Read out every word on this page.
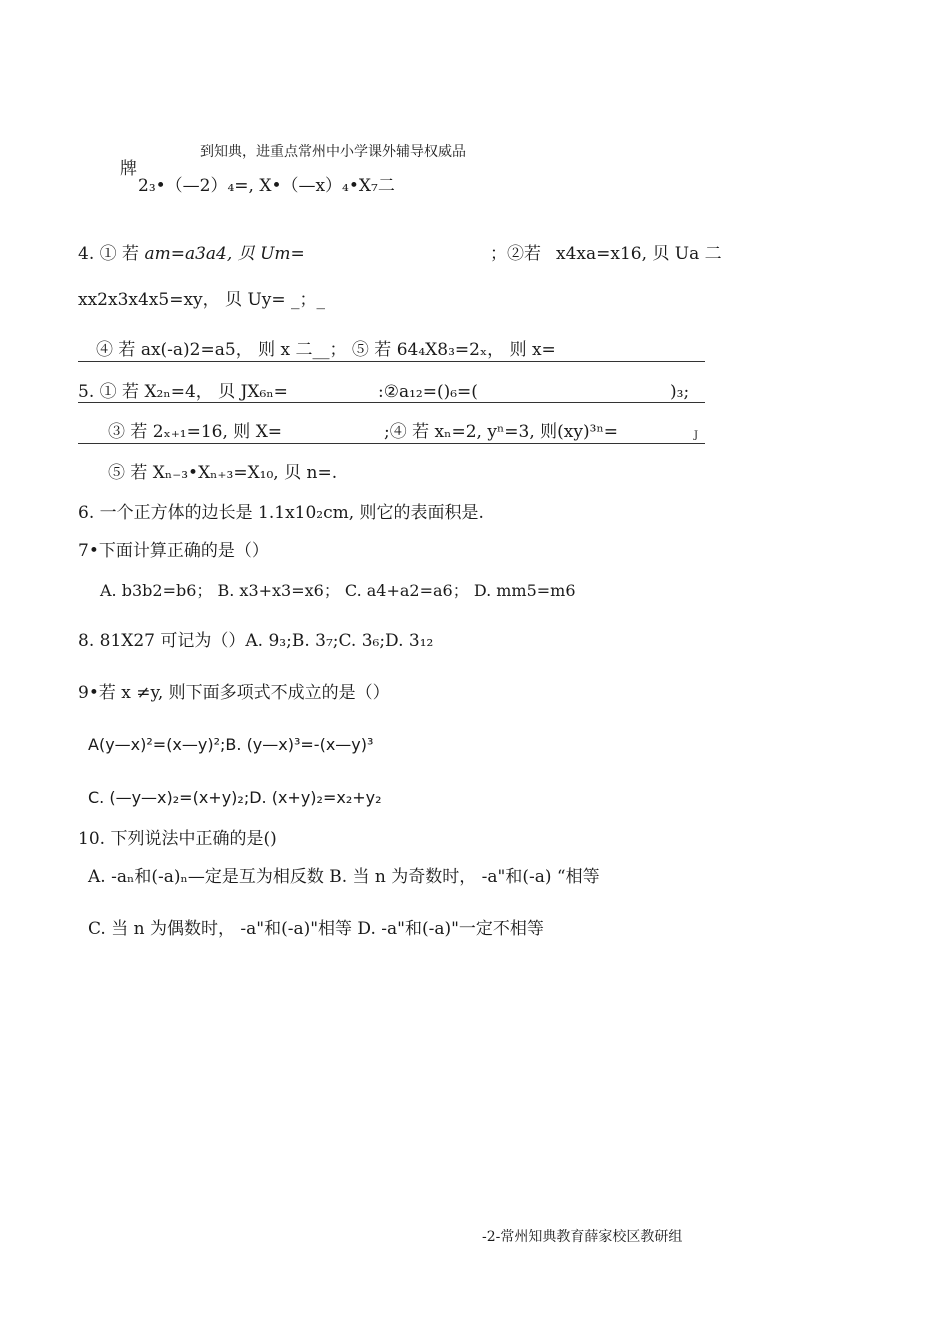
到知典，进重点常州中小学课外辅导权威品
牌
2₃•（—2）₄=, X•（—x）₄•X₇二
4. ① 若 am=a3a4, 贝 Um=	；②若 x4xa=x16, 贝 Ua 二
xx2x3x4x5=xy， 贝 Uy= _；_
④ 若 ax(-a)2=a5， 则 x 二__； ⑤ 若 64₄X8₃=2ₓ， 则 x=
5. ① 若 X₂ₙ=4， 贝 JX₆ₙ=	:②a₁₂=()₆=(	)₃;
③ 若 2ₓ₊₁=16, 则 X=	;④ 若 xₙ=2, yⁿ=3, 则(xy)³ⁿ=	J
⑤ 若 Xₙ₋₃•Xₙ₊₃=X₁₀, 贝 n=.
6. 一个正方体的边长是 1.1x10₂cm, 则它的表面积是.
7•下面计算正确的是（）
A. b3b2=b6； B. x3+x3=x6； C. a4+a2=a6； D. mm5=m6
8. 81X27 可记为（）A. 9₃;B. 3₇;C. 3₆;D. 3₁₂
9•若 x ≠y, 则下面多项式不成立的是（）
A(y—x)²=(x—y)²;B. (y—x)³=-(x—y)³
C. (—y—x)₂=(x+y)₂;D. (x+y)₂=x₂+y₂
10. 下列说法中正确的是()
A. -aₙ和(-a)ₙ—定是互为相反数 B. 当 n 为奇数时， -a"和(-a) “相等
C. 当 n 为偶数时， -a"和(-a)"相等 D. -a"和(-a)"一定不相等
-2-常州知典教育薛家校区教研组
